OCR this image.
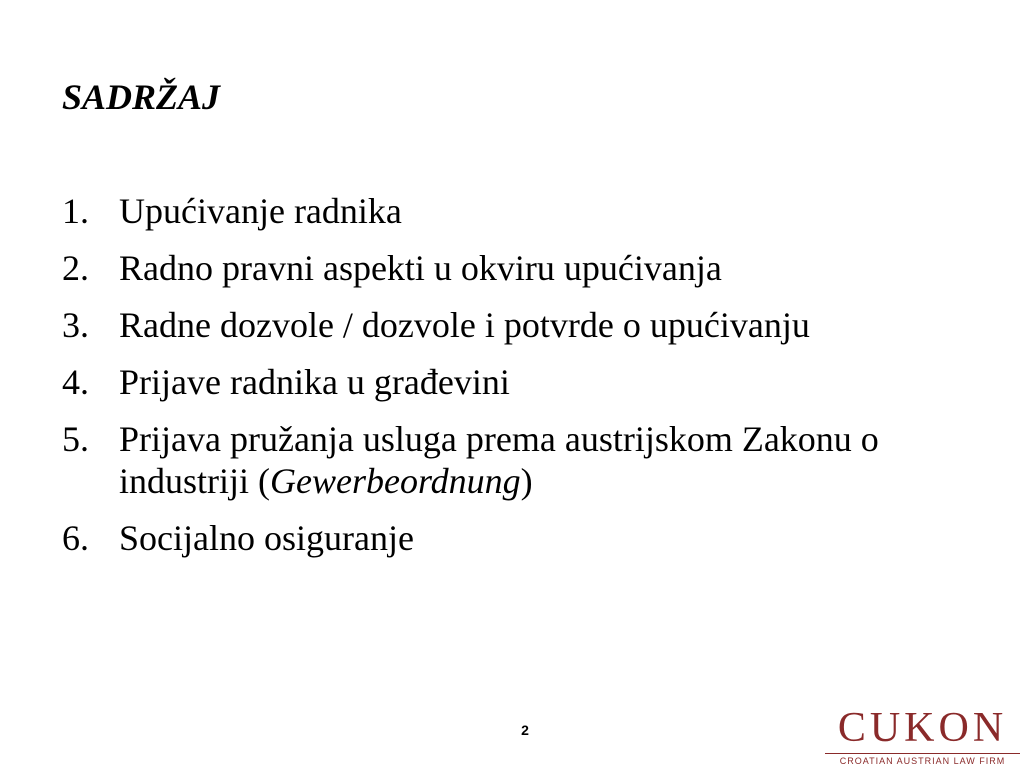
SADRŽAJ
1. Upućivanje radnika
2. Radno pravni aspekti u okviru upućivanja
3. Radne dozvole / dozvole i potvrde o upućivanju
4. Prijave radnika u građevini
5. Prijava pružanja usluga prema austrijskom Zakonu o industriji (Gewerbeordnung)
6. Socijalno osiguranje
2	CUKON
CROATIAN AUSTRIAN LAW FIRM
